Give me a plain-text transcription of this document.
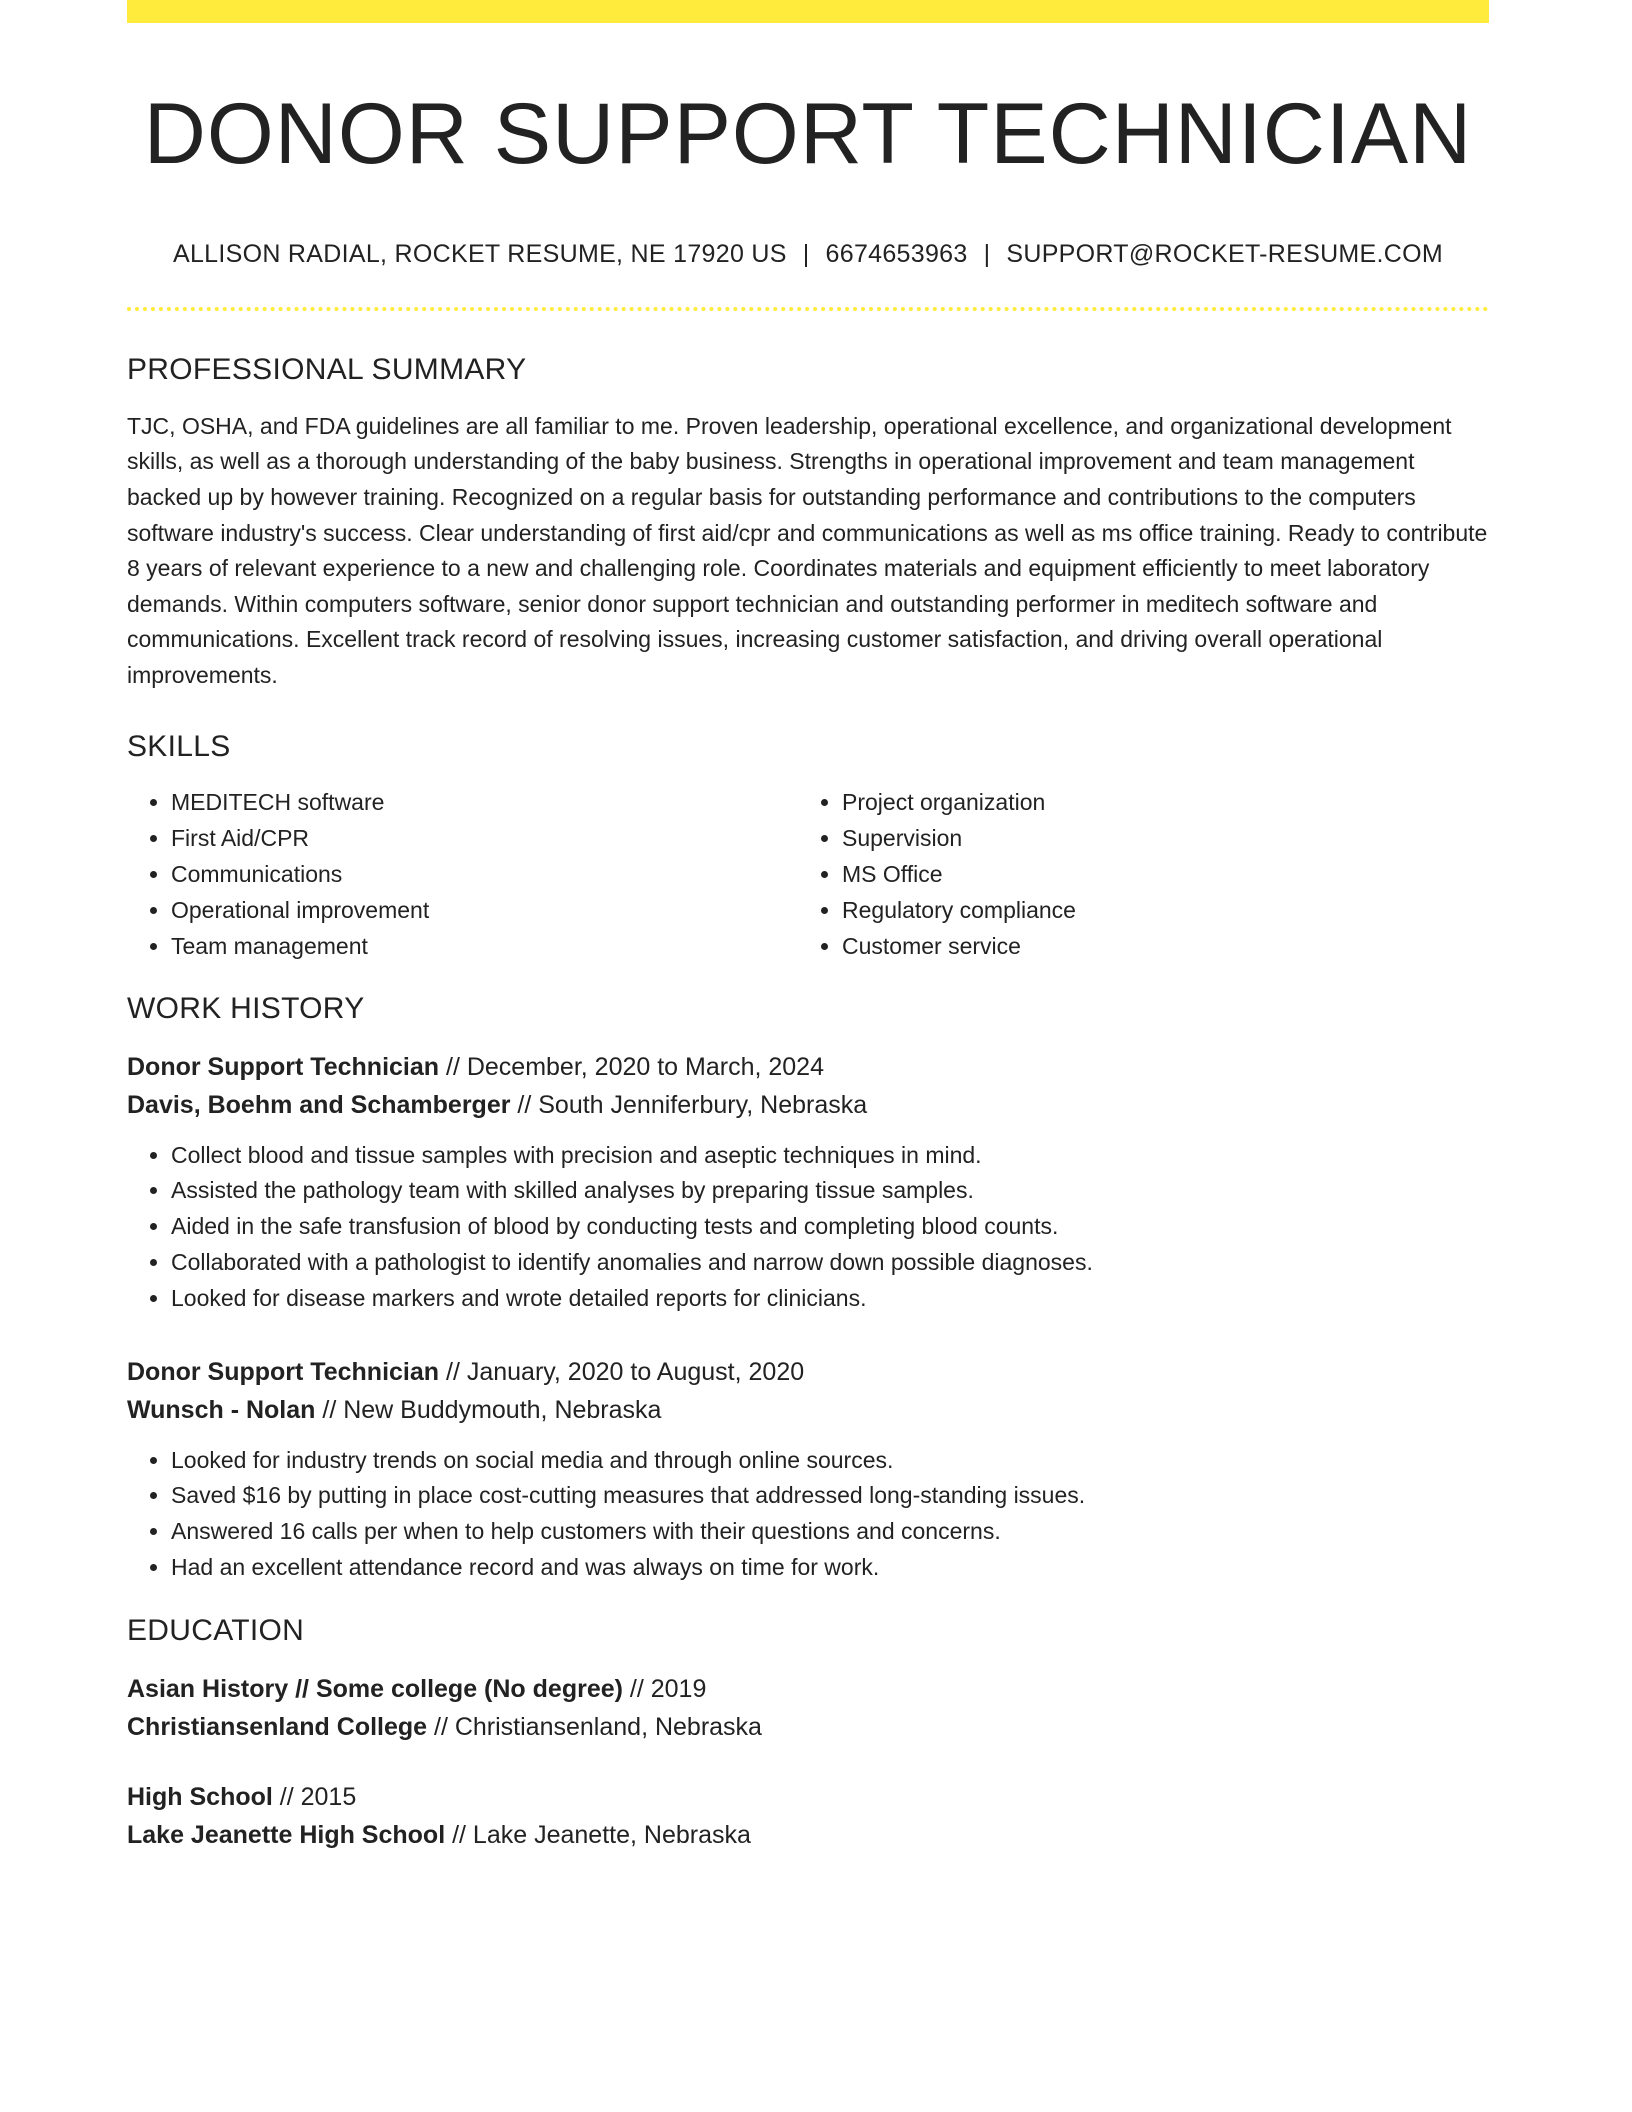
DONOR SUPPORT TECHNICIAN
ALLISON RADIAL, ROCKET RESUME, NE 17920 US | 6674653963 | SUPPORT@ROCKET-RESUME.COM
PROFESSIONAL SUMMARY
TJC, OSHA, and FDA guidelines are all familiar to me. Proven leadership, operational excellence, and organizational development skills, as well as a thorough understanding of the baby business. Strengths in operational improvement and team management backed up by however training. Recognized on a regular basis for outstanding performance and contributions to the computers software industry's success. Clear understanding of first aid/cpr and communications as well as ms office training. Ready to contribute 8 years of relevant experience to a new and challenging role. Coordinates materials and equipment efficiently to meet laboratory demands. Within computers software, senior donor support technician and outstanding performer in meditech software and communications. Excellent track record of resolving issues, increasing customer satisfaction, and driving overall operational improvements.
SKILLS
• MEDITECH software
• First Aid/CPR
• Communications
• Operational improvement
• Team management
• Project organization
• Supervision
• MS Office
• Regulatory compliance
• Customer service
WORK HISTORY
Donor Support Technician // December, 2020 to March, 2024
Davis, Boehm and Schamberger // South Jenniferbury, Nebraska
• Collect blood and tissue samples with precision and aseptic techniques in mind.
• Assisted the pathology team with skilled analyses by preparing tissue samples.
• Aided in the safe transfusion of blood by conducting tests and completing blood counts.
• Collaborated with a pathologist to identify anomalies and narrow down possible diagnoses.
• Looked for disease markers and wrote detailed reports for clinicians.
Donor Support Technician // January, 2020 to August, 2020
Wunsch - Nolan // New Buddymouth, Nebraska
• Looked for industry trends on social media and through online sources.
• Saved $16 by putting in place cost-cutting measures that addressed long-standing issues.
• Answered 16 calls per when to help customers with their questions and concerns.
• Had an excellent attendance record and was always on time for work.
EDUCATION
Asian History // Some college (No degree) // 2019
Christiansenland College // Christiansenland, Nebraska
High School // 2015
Lake Jeanette High School // Lake Jeanette, Nebraska
